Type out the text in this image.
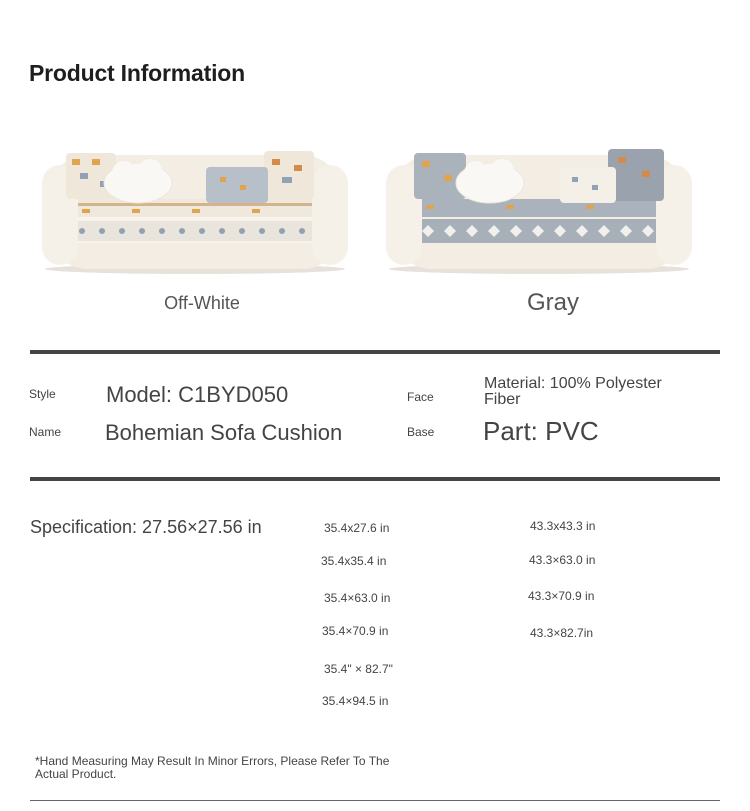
Product Information
Off-White	Gray
Style Model: C1BYD050
Name Bohemian Sofa Cushion
Face
Material: 100% Polyester
Fiber
Base Part: PVC
Specification: 27.56×27.56 in	35.4x27.6 in
35.4x35.4 in
35.4×63.0 in
35.4×70.9 in
35.4" × 82.7"
35.4×94.5 in
43.3x43.3 in
43.3×63.0 in
43.3×70.9 in
43.3×82.7in
*Hand Measuring May Result In Minor Errors, Please Refer To The
Actual Product.
